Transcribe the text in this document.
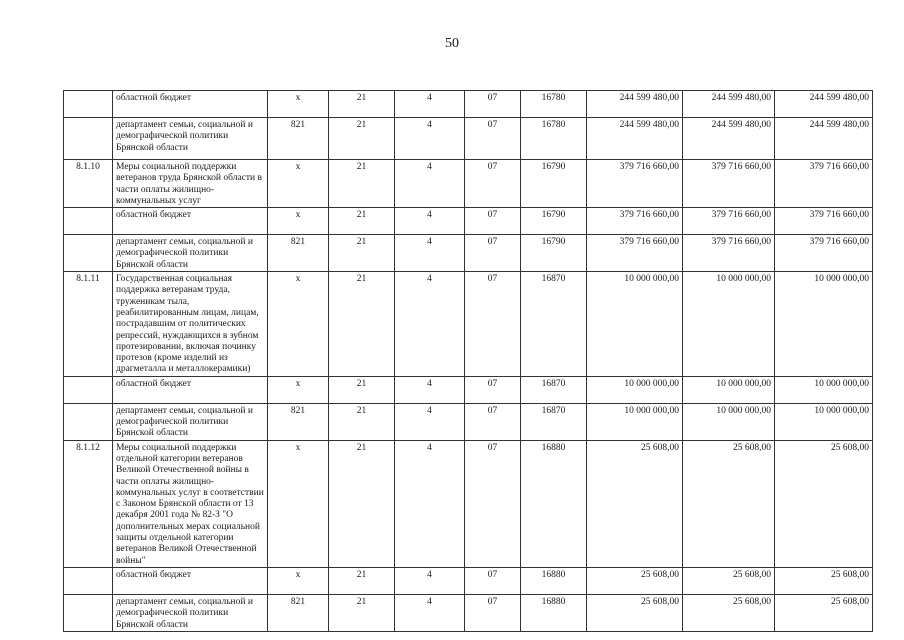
50
	областной бюджет	х	21	4	07	16780	244 599 480,00	244 599 480,00	244 599 480,00
	департамент семьи, социальной и демографической политики Брянской области	821	21	4	07	16780	244 599 480,00	244 599 480,00	244 599 480,00
8.1.10	Меры социальной поддержки ветеранов труда Брянской области в части оплаты жилищно-коммунальных услуг	х	21	4	07	16790	379 716 660,00	379 716 660,00	379 716 660,00
	областной бюджет	х	21	4	07	16790	379 716 660,00	379 716 660,00	379 716 660,00
	департамент семьи, социальной и демографической политики Брянской области	821	21	4	07	16790	379 716 660,00	379 716 660,00	379 716 660,00
8.1.11	Государственная социальная поддержка ветеранам труда, труженикам тыла, реабилитированным лицам, лицам, пострадавшим от политических репрессий, нуждающихся в зубном протезировании, включая починку протезов (кроме изделий из драгметалла и металлокерамики)	х	21	4	07	16870	10 000 000,00	10 000 000,00	10 000 000,00
	областной бюджет	х	21	4	07	16870	10 000 000,00	10 000 000,00	10 000 000,00
	департамент семьи, социальной и демографической политики Брянской области	821	21	4	07	16870	10 000 000,00	10 000 000,00	10 000 000,00
8.1.12	Меры социальной поддержки отдельной категории ветеранов Великой Отечественной войны в части оплаты жилищно-коммунальных услуг в соответствии с Законом Брянской области от 13 декабря 2001 года № 82-З "О дополнительных мерах социальной защиты отдельной категории ветеранов Великой Отечественной войны"	х	21	4	07	16880	25 608,00	25 608,00	25 608,00
	областной бюджет	х	21	4	07	16880	25 608,00	25 608,00	25 608,00
	департамент семьи, социальной и демографической политики Брянской области	821	21	4	07	16880	25 608,00	25 608,00	25 608,00
